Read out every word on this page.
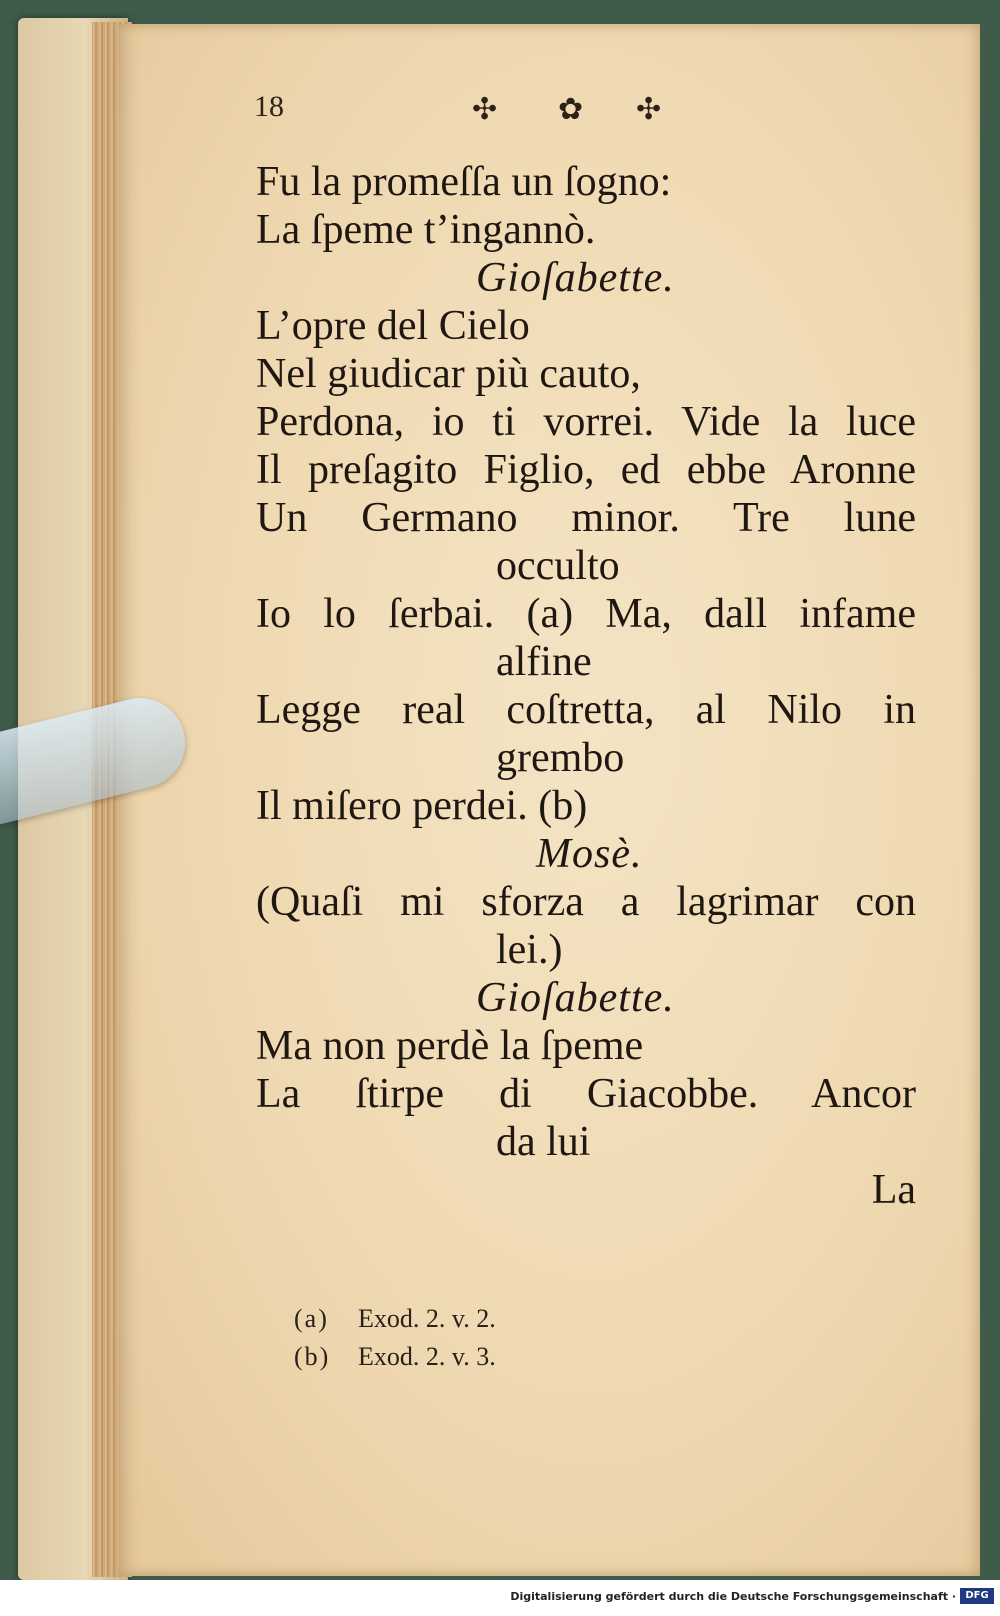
18	✣ ✿ ✣
Fu la promeſſa un ſogno:
La ſpeme t’ingannò.
Gioſabette.
L’opre del Cielo
Nel giudicar più cauto,
Perdona, io ti vorrei. Vide la luce
Il preſagito Figlio, ed ebbe Aronne
Un Germano minor. Tre lune
occulto
Io lo ſerbai. (a) Ma, dall infame
alfine
Legge real coſtretta, al Nilo in
grembo
Il miſero perdei. (b)
Mosè.
(Quaſi mi sforza a lagrimar con
lei.)
Gioſabette.
Ma non perdè la ſpeme
La ſtirpe di Giacobbe. Ancor
da lui
La
(a) Exod. 2. v. 2.
(b) Exod. 2. v. 3.
Digitalisierung gefördert durch die Deutsche Forschungsgemeinschaft · DFG
